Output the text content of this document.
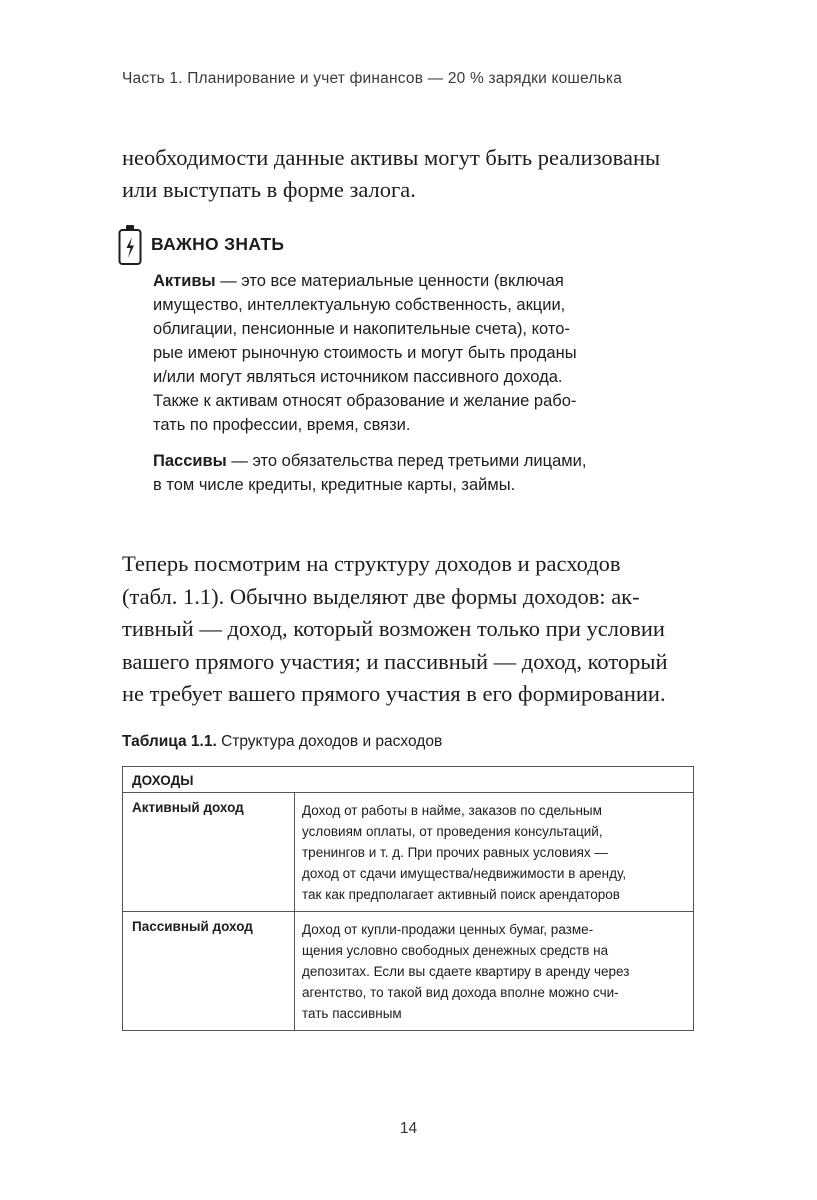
Часть 1. Планирование и учет финансов — 20 % зарядки кошелька

необходимости данные активы могут быть реализованы
или выступать в форме залога.

ВАЖНО ЗНАТЬ
Активы — это все материальные ценности (включая
имущество, интеллектуальную собственность, акции,
облигации, пенсионные и накопительные счета), кото-
рые имеют рыночную стоимость и могут быть проданы
и/или могут являться источником пассивного дохода.
Также к активам относят образование и желание рабо-
тать по профессии, время, связи.
Пассивы — это обязательства перед третьими лицами,
в том числе кредиты, кредитные карты, займы.

Теперь посмотрим на структуру доходов и расходов
(табл. 1.1). Обычно выделяют две формы доходов: ак-
тивный — доход, который возможен только при условии
вашего прямого участия; и пассивный — доход, который
не требует вашего прямого участия в его формировании.

Таблица 1.1. Структура доходов и расходов
ДОХОДЫ	
Активный доход	Доход от работы в найме, заказов по сдельным
условиям оплаты, от проведения консультаций,
тренингов и т. д. При прочих равных условиях —
доход от сдачи имущества/недвижимости в аренду,
так как предполагает активный поиск арендаторов

Пассивный доход	Доход от купли-продажи ценных бумаг, разме-
щения условно свободных денежных средств на
депозитах. Если вы сдаете квартиру в аренду через
агентство, то такой вид дохода вполне можно счи-
тать пассивным
14
